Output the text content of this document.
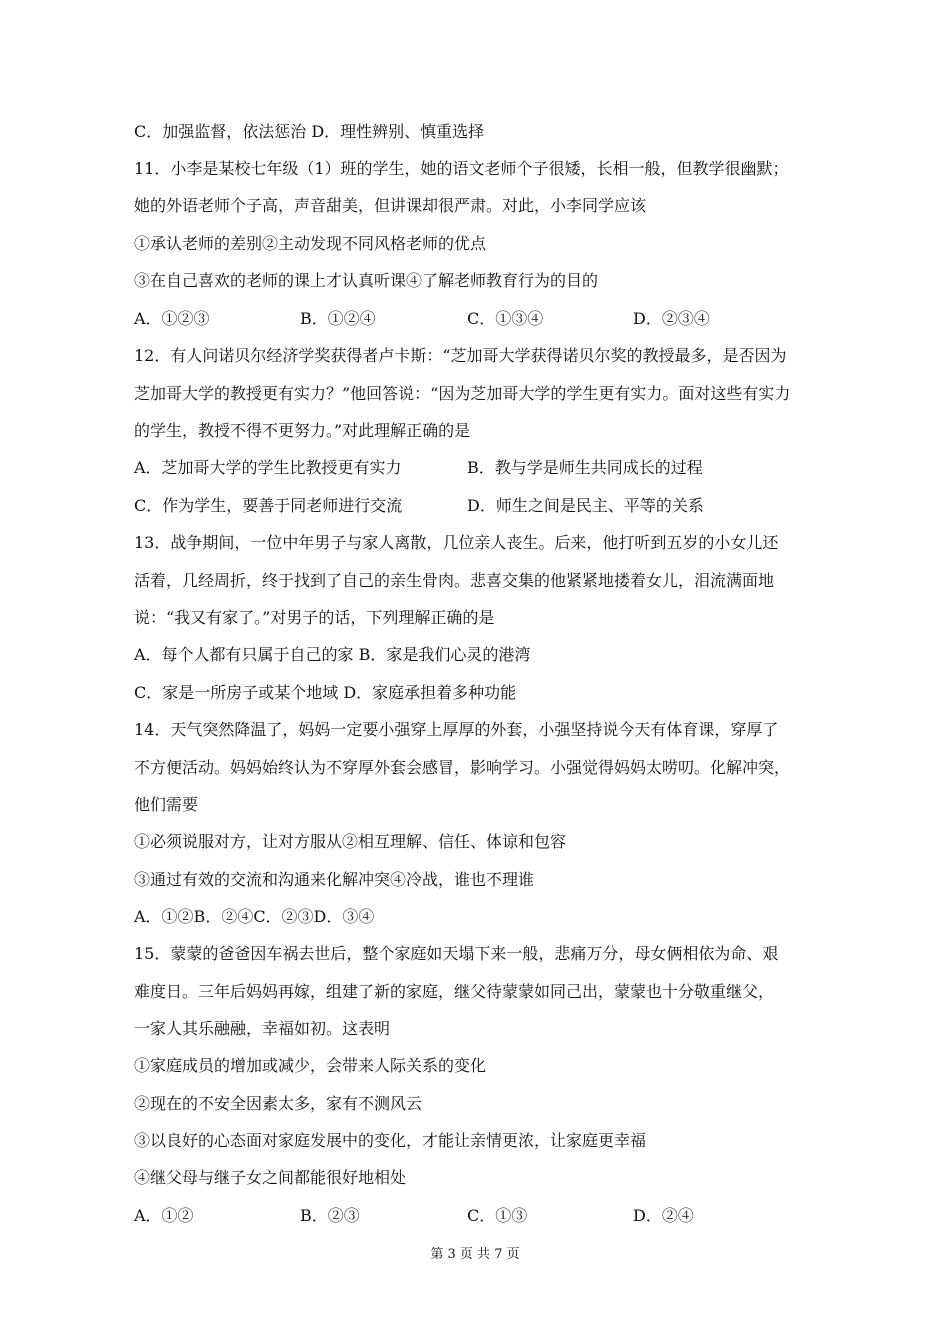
C．加强监督，依法惩治 D．理性辨别、慎重选择
11．小李是某校七年级（1）班的学生，她的语文老师个子很矮，长相一般，但教学很幽默；
她的外语老师个子高，声音甜美，但讲课却很严肃。对此，小李同学应该
①承认老师的差别②主动发现不同风格老师的优点
③在自己喜欢的老师的课上才认真听课④了解老师教育行为的目的
A．①②③	B．①②④	C．①③④	D．②③④
12．有人问诺贝尔经济学奖获得者卢卡斯：“芝加哥大学获得诺贝尔奖的教授最多，是否因为
芝加哥大学的教授更有实力？”他回答说：“因为芝加哥大学的学生更有实力。面对这些有实力
的学生，教授不得不更努力。”对此理解正确的是
A．芝加哥大学的学生比教授更有实力	B．教与学是师生共同成长的过程
C．作为学生，要善于同老师进行交流	D．师生之间是民主、平等的关系
13．战争期间，一位中年男子与家人离散，几位亲人丧生。后来，他打听到五岁的小女儿还
活着，几经周折，终于找到了自己的亲生骨肉。悲喜交集的他紧紧地搂着女儿，泪流满面地
说：“我又有家了。”对男子的话，下列理解正确的是
A．每个人都有只属于自己的家 B．家是我们心灵的港湾
C．家是一所房子或某个地域 D．家庭承担着多种功能
14．天气突然降温了，妈妈一定要小强穿上厚厚的外套，小强坚持说今天有体育课，穿厚了
不方便活动。妈妈始终认为不穿厚外套会感冒，影响学习。小强觉得妈妈太唠叨。化解冲突，
他们需要
①必须说服对方，让对方服从②相互理解、信任、体谅和包容
③通过有效的交流和沟通来化解冲突④冷战，谁也不理谁
A．①②B．②④C．②③D．③④
15．蒙蒙的爸爸因车祸去世后，整个家庭如天塌下来一般，悲痛万分，母女俩相依为命、艰
难度日。三年后妈妈再嫁，组建了新的家庭，继父待蒙蒙如同己出，蒙蒙也十分敬重继父，
一家人其乐融融，幸福如初。这表明
①家庭成员的增加或减少，会带来人际关系的变化
②现在的不安全因素太多，家有不测风云
③以良好的心态面对家庭发展中的变化，才能让亲情更浓，让家庭更幸福
④继父母与继子女之间都能很好地相处
A．①②	B．②③	C．①③	D．②④
第 3 页 共 7 页
